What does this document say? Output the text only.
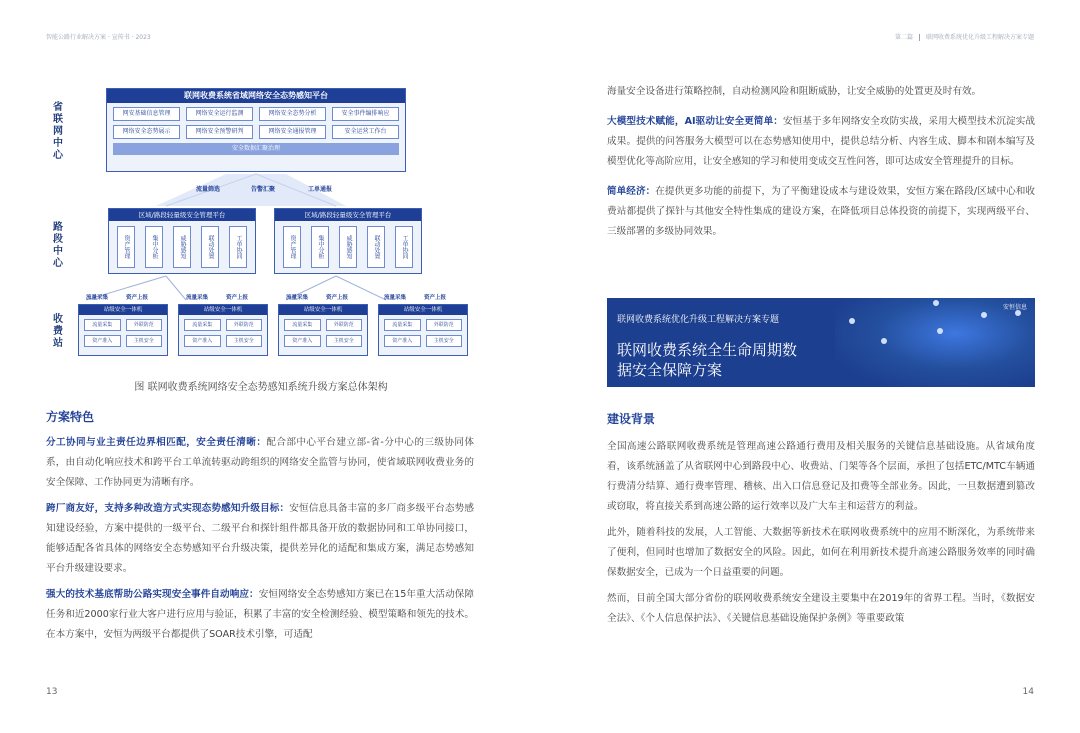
智能公路行业解决方案 · 宣传书 · 2023	第二篇 联网收费系统优化升级工程解决方案专题
省联网中心
路段中心
收费站
联网收费系统省域网络安全态势感知平台
网安基础信息管理	网络安全运行监测	网络安全态势分析	安全事件编排响应
网络安全态势展示	网络安全预警研判	网络安全通报管理	安全运营工作台
安全数据汇聚治理
流量筛选	告警汇聚	工单通报
区域/路段轻量级安全管理平台
资产管理	集中分析	威胁感知	联动处置	工单协同
区域/路段轻量级安全管理平台
资产管理	集中分析	威胁感知	联动处置	工单协同
流量采集	资产上报	流量采集	资产上报	流量采集	资产上报	流量采集	资产上报
站级安全一体机
流量采集	外联防范
资产准入	主机安全
站级安全一体机
流量采集	外联防范
资产准入	主机安全
站级安全一体机
流量采集	外联防范
资产准入	主机安全
站级安全一体机
流量采集	外联防范
资产准入	主机安全
图 联网收费系统网络安全态势感知系统升级方案总体架构
方案特色

分工协同与业主责任边界相匹配，安全责任清晰：配合部中心平台建立部-省-分中心的三级协同体系，由自动化响应技术和跨平台工单流转驱动跨组织的网络安全监管与协同，使省域联网收费业务的安全保障、工作协同更为清晰有序。

跨厂商友好，支持多种改造方式实现态势感知升级目标：安恒信息具备丰富的多厂商多级平台态势感知建设经验，方案中提供的一级平台、二级平台和探针组件都具备开放的数据协同和工单协同接口，能够适配各省具体的网络安全态势感知平台升级决策，提供差异化的适配和集成方案，满足态势感知平台升级建设要求。

强大的技术基底帮助公路实现安全事件自动响应：安恒网络安全态势感知方案已在15年重大活动保障任务和近2000家行业大客户进行应用与验证，积累了丰富的安全检测经验、模型策略和领先的技术。在本方案中，安恒为两级平台都提供了SOAR技术引擎，可适配

海量安全设备进行策略控制，自动检测风险和阻断威胁，让安全威胁的处置更及时有效。

大模型技术赋能，AI驱动让安全更简单：安恒基于多年网络安全攻防实战，采用大模型技术沉淀实战成果。提供的问答服务大模型可以在态势感知使用中，提供总结分析、内容生成、脚本和剧本编写及模型优化等高阶应用，让安全感知的学习和使用变成交互性问答，即可达成安全管理提升的目标。

简单经济：在提供更多功能的前提下，为了平衡建设成本与建设效果，安恒方案在路段/区域中心和收费站都提供了探针与其他安全特性集成的建设方案，在降低项目总体投资的前提下，实现两级平台、三级部署的多级协同效果。

安恒信息
联网收费系统优化升级工程解决方案专题
联网收费系统全生命周期数
据安全保障方案
建设背景

全国高速公路联网收费系统是管理高速公路通行费用及相关服务的关键信息基础设施。从省域角度看，该系统涵盖了从省联网中心到路段中心、收费站、门架等各个层面，承担了包括ETC/MTC车辆通行费清分结算、通行费率管理、稽核、出入口信息登记及扣费等全部业务。因此，一旦数据遭到篡改或窃取，将直接关系到高速公路的运行效率以及广大车主和运营方的利益。

此外，随着科技的发展，人工智能、大数据等新技术在联网收费系统中的应用不断深化，为系统带来了便利，但同时也增加了数据安全的风险。因此，如何在利用新技术提升高速公路服务效率的同时确保数据安全，已成为一个日益重要的问题。

然而，目前全国大部分省份的联网收费系统安全建设主要集中在2019年的省界工程。当时，《数据安全法》、《个人信息保护法》、《关键信息基础设施保护条例》等重要政策

13	14
